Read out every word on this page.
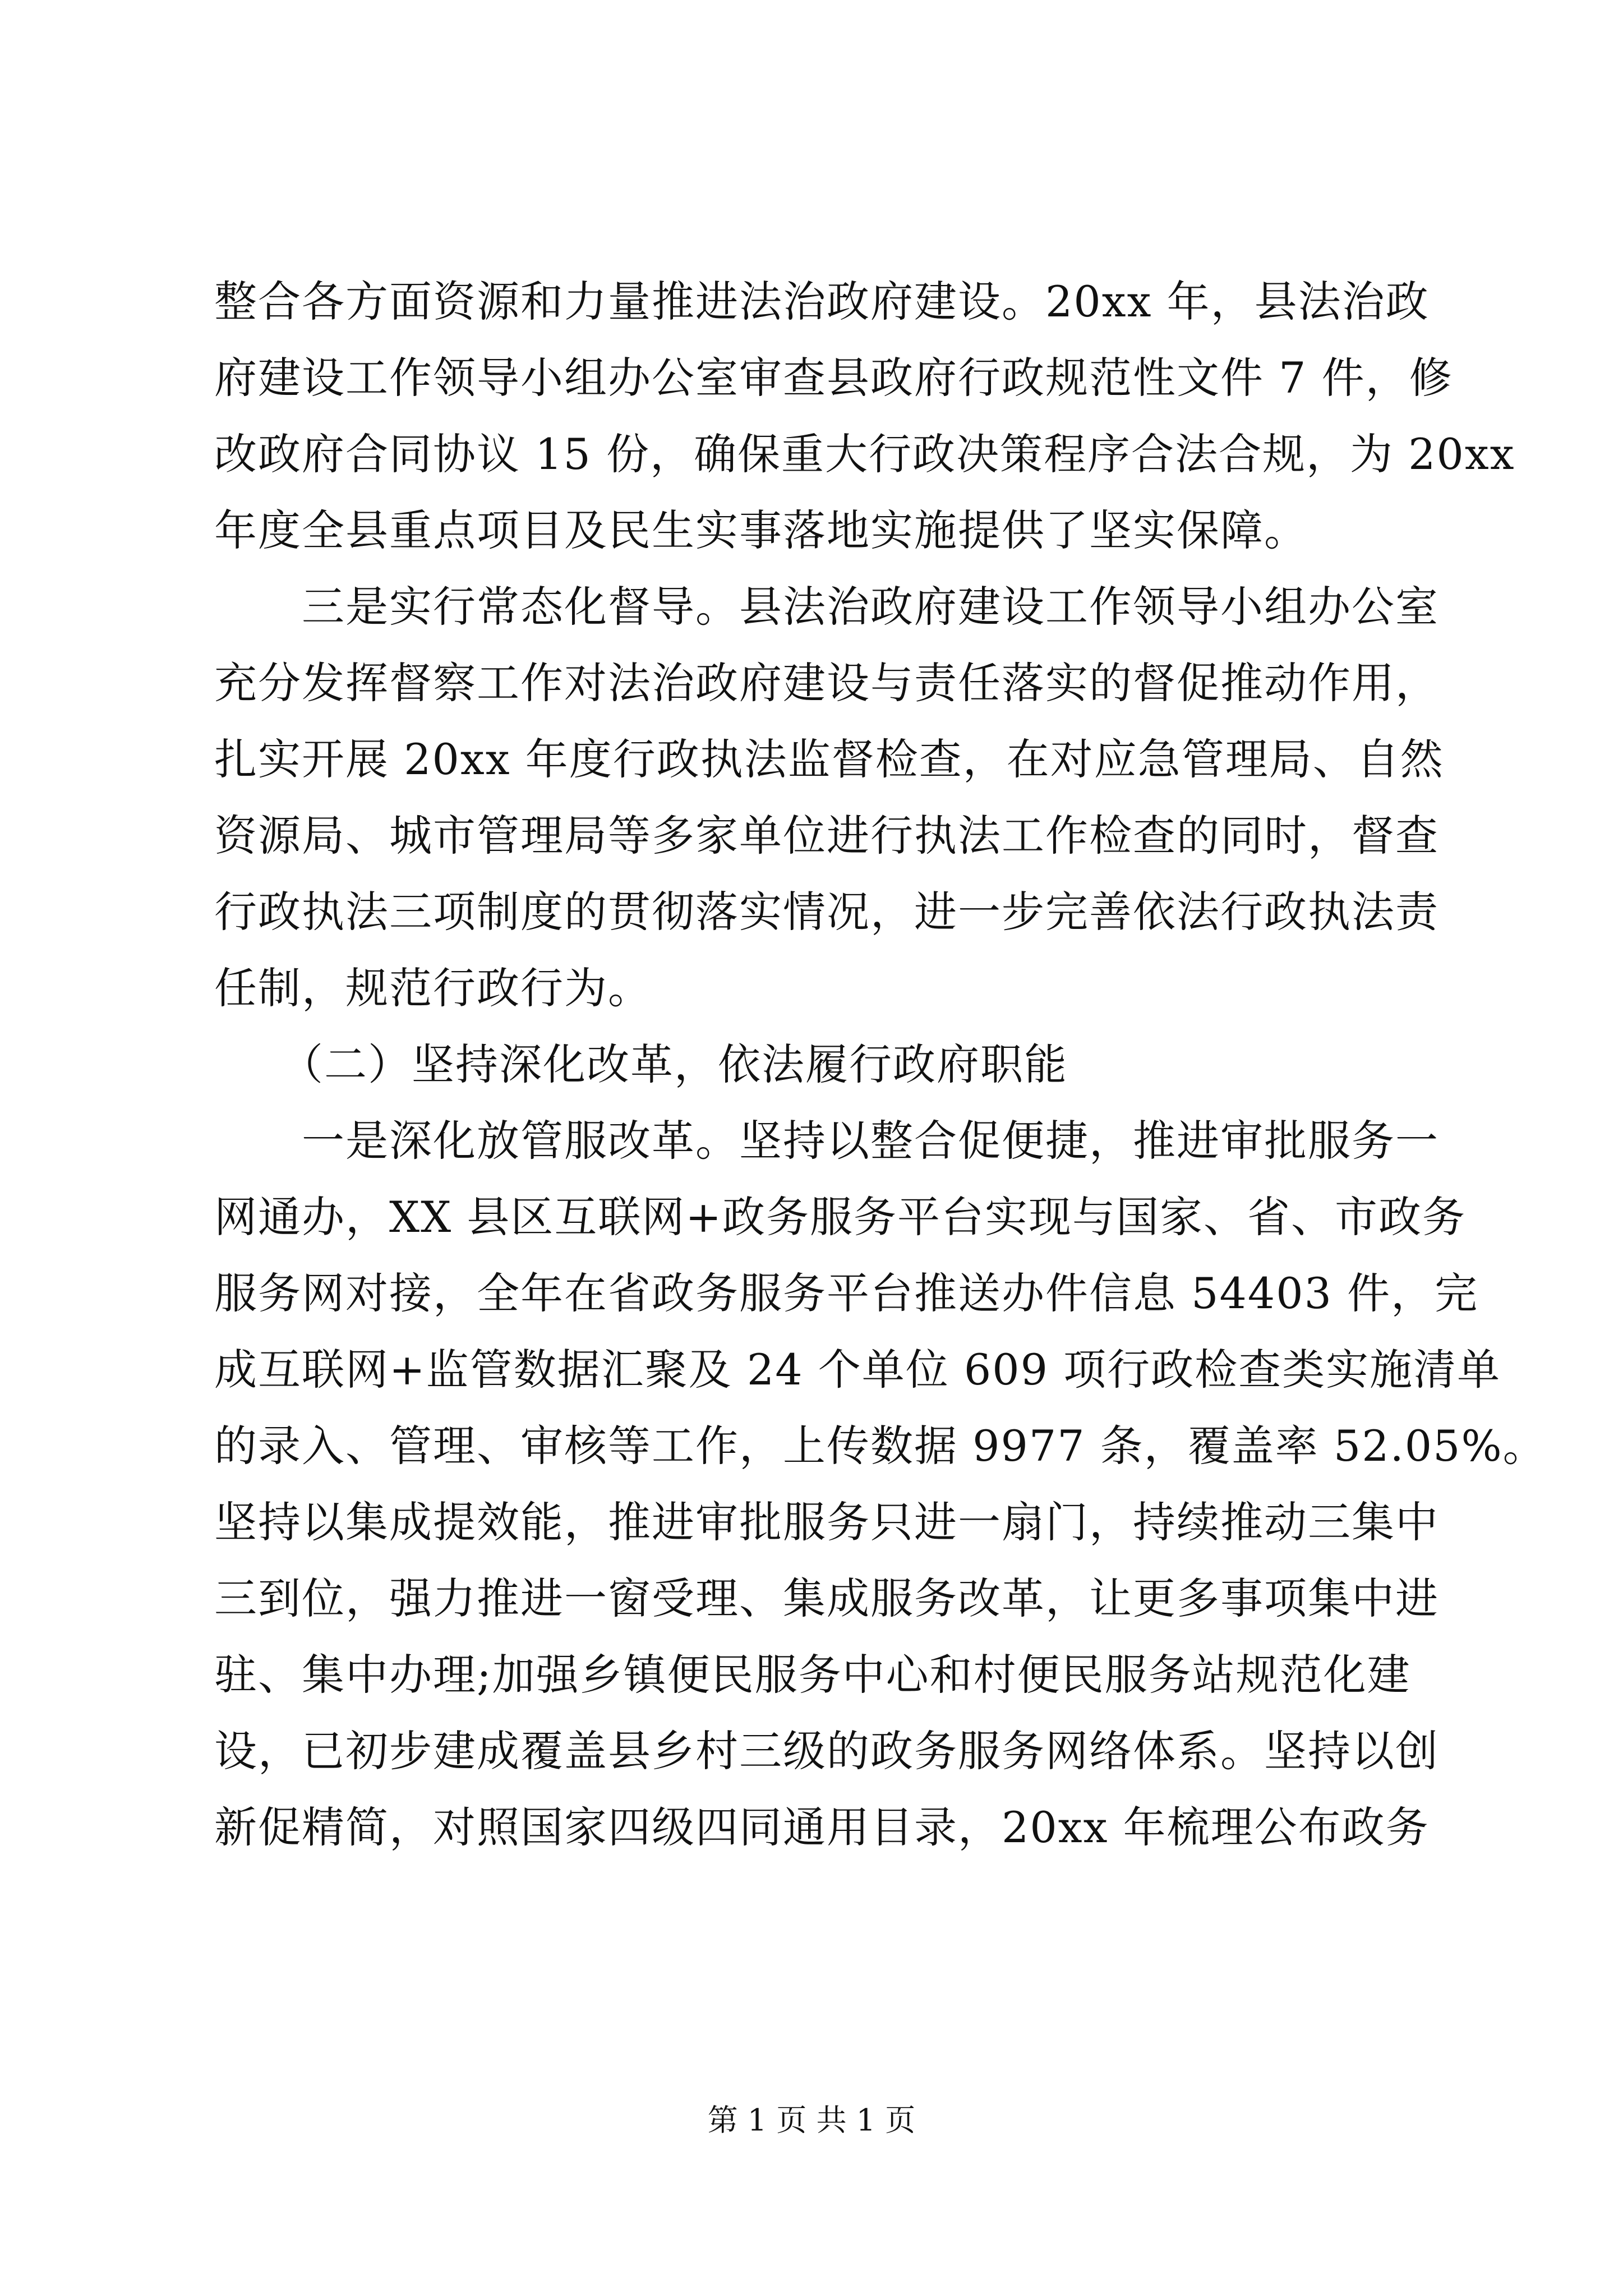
整合各方面资源和力量推进法治政府建设。20xx 年，县法治政
府建设工作领导小组办公室审查县政府行政规范性文件 7 件，修
改政府合同协议 15 份，确保重大行政决策程序合法合规，为 20xx
年度全县重点项目及民生实事落地实施提供了坚实保障。
　　三是实行常态化督导。县法治政府建设工作领导小组办公室
充分发挥督察工作对法治政府建设与责任落实的督促推动作用，
扎实开展 20xx 年度行政执法监督检查，在对应急管理局、自然
资源局、城市管理局等多家单位进行执法工作检查的同时，督查
行政执法三项制度的贯彻落实情况，进一步完善依法行政执法责
任制，规范行政行为。
　　（二）坚持深化改革，依法履行政府职能
　　一是深化放管服改革。坚持以整合促便捷，推进审批服务一
网通办，XX 县区互联网+政务服务平台实现与国家、省、市政务
服务网对接，全年在省政务服务平台推送办件信息 54403 件，完
成互联网+监管数据汇聚及 24 个单位 609 项行政检查类实施清单
的录入、管理、审核等工作，上传数据 9977 条，覆盖率 52.05%。
坚持以集成提效能，推进审批服务只进一扇门，持续推动三集中
三到位，强力推进一窗受理、集成服务改革，让更多事项集中进
驻、集中办理;加强乡镇便民服务中心和村便民服务站规范化建
设，已初步建成覆盖县乡村三级的政务服务网络体系。坚持以创
新促精简，对照国家四级四同通用目录，20xx 年梳理公布政务
第 1 页 共 1 页
